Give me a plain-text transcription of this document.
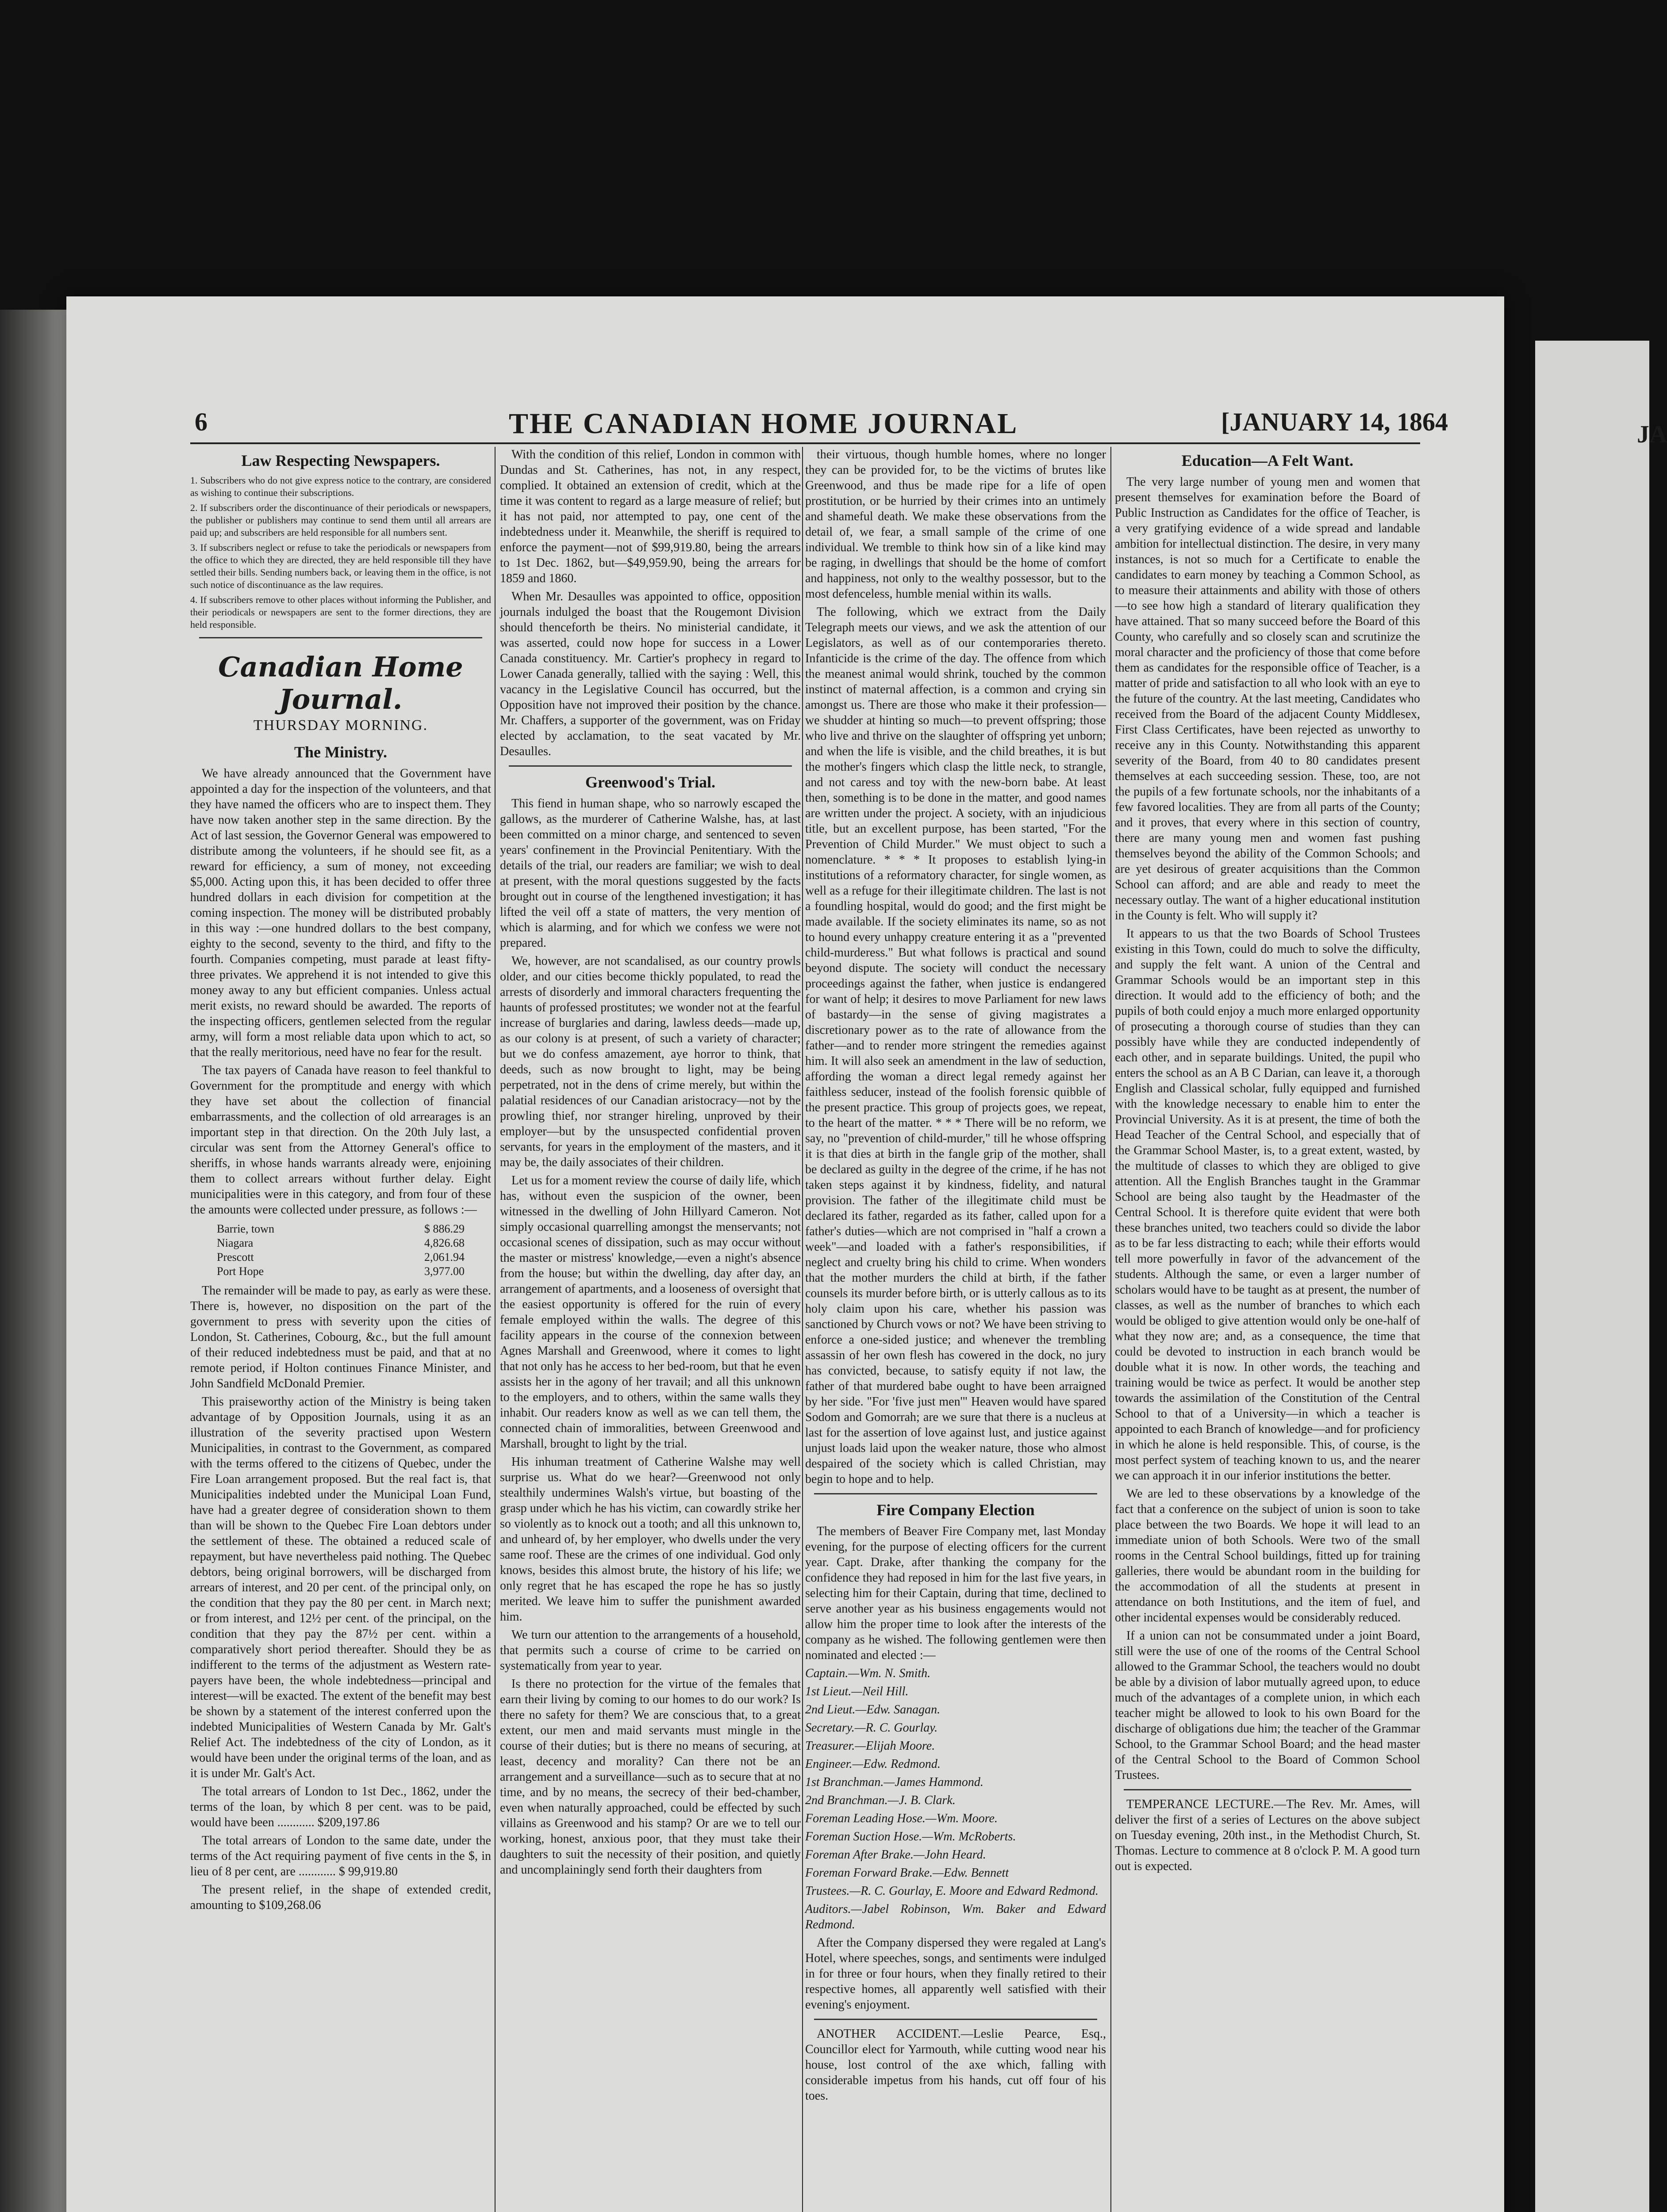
JA
6	THE CANADIAN HOME JOURNAL	[JANUARY 14, 1864
Law Respecting Newspapers.
1. Subscribers who do not give express notice to the contrary, are considered as wishing to continue their subscriptions.
2. If subscribers order the discontinuance of their periodicals or newspapers, the publisher or publishers may continue to send them until all arrears are paid up; and subscribers are held responsible for all numbers sent.
3. If subscribers neglect or refuse to take the periodicals or newspapers from the office to which they are directed, they are held responsible till they have settled their bills. Sending numbers back, or leaving them in the office, is not such notice of discontinuance as the law requires.
4. If subscribers remove to other places without informing the Publisher, and their periodicals or newspapers are sent to the former directions, they are held responsible.
Canadian Home Journal.
THURSDAY MORNING.
The Ministry.

We have already announced that the Government have appointed a day for the inspection of the volunteers, and that they have named the officers who are to inspect them. They have now taken another step in the same direction. By the Act of last session, the Governor General was empowered to distribute among the volunteers, if he should see fit, as a reward for efficiency, a sum of money, not exceeding $5,000. Acting upon this, it has been decided to offer three hundred dollars in each division for competition at the coming inspection. The money will be distributed probably in this way :—one hundred dollars to the best company, eighty to the second, seventy to the third, and fifty to the fourth. Companies competing, must parade at least fifty-three privates. We apprehend it is not intended to give this money away to any but efficient companies. Unless actual merit exists, no reward should be awarded. The reports of the inspecting officers, gentlemen selected from the regular army, will form a most reliable data upon which to act, so that the really meritorious, need have no fear for the result.

The tax payers of Canada have reason to feel thankful to Government for the promptitude and energy with which they have set about the collection of financial embarrassments, and the collection of old arrearages is an important step in that direction. On the 20th July last, a circular was sent from the Attorney General's office to sheriffs, in whose hands warrants already were, enjoining them to collect arrears without further delay. Eight municipalities were in this category, and from four of these the amounts were collected under pressure, as follows :—

Barrie, town	$ 886.29
Niagara	4,826.68
Prescott	2,061.94
Port Hope	3,977.00

The remainder will be made to pay, as early as were these. There is, however, no disposition on the part of the government to press with severity upon the cities of London, St. Catherines, Cobourg, &c., but the full amount of their reduced indebtedness must be paid, and that at no remote period, if Holton continues Finance Minister, and John Sandfield McDonald Premier.

This praiseworthy action of the Ministry is being taken advantage of by Opposition Journals, using it as an illustration of the severity practised upon Western Municipalities, in contrast to the Government, as compared with the terms offered to the citizens of Quebec, under the Fire Loan arrangement proposed. But the real fact is, that Municipalities indebted under the Municipal Loan Fund, have had a greater degree of consideration shown to them than will be shown to the Quebec Fire Loan debtors under the settlement of these. The obtained a reduced scale of repayment, but have nevertheless paid nothing. The Quebec debtors, being original borrowers, will be discharged from arrears of interest, and 20 per cent. of the principal only, on the condition that they pay the 80 per cent. in March next; or from interest, and 12½ per cent. of the principal, on the condition that they pay the 87½ per cent. within a comparatively short period thereafter. Should they be as indifferent to the terms of the adjustment as Western rate-payers have been, the whole indebtedness—principal and interest—will be exacted. The extent of the benefit may best be shown by a statement of the interest conferred upon the indebted Municipalities of Western Canada by Mr. Galt's Relief Act. The indebtedness of the city of London, as it would have been under the original terms of the loan, and as it is under Mr. Galt's Act.

The total arrears of London to 1st Dec., 1862, under the terms of the loan, by which 8 per cent. was to be paid, would have been ............ $209,197.86

The total arrears of London to the same date, under the terms of the Act requiring payment of five cents in the $, in lieu of 8 per cent, are ............ $ 99,919.80

The present relief, in the shape of extended credit, amounting to $109,268.06

With the condition of this relief, London in common with Dundas and St. Catherines, has not, in any respect, complied. It obtained an extension of credit, which at the time it was content to regard as a large measure of relief; but it has not paid, nor attempted to pay, one cent of the indebtedness under it. Meanwhile, the sheriff is required to enforce the payment—not of $99,919.80, being the arrears to 1st Dec. 1862, but—$49,959.90, being the arrears for 1859 and 1860.

When Mr. Desaulles was appointed to office, opposition journals indulged the boast that the Rougemont Division should thenceforth be theirs. No ministerial candidate, it was asserted, could now hope for success in a Lower Canada constituency. Mr. Cartier's prophecy in regard to Lower Canada generally, tallied with the saying : Well, this vacancy in the Legislative Council has occurred, but the Opposition have not improved their position by the chance. Mr. Chaffers, a supporter of the government, was on Friday elected by acclamation, to the seat vacated by Mr. Desaulles.

Greenwood's Trial.

This fiend in human shape, who so narrowly escaped the gallows, as the murderer of Catherine Walshe, has, at last been committed on a minor charge, and sentenced to seven years' confinement in the Provincial Penitentiary. With the details of the trial, our readers are familiar; we wish to deal at present, with the moral questions suggested by the facts brought out in course of the lengthened investigation; it has lifted the veil off a state of matters, the very mention of which is alarming, and for which we confess we were not prepared.

We, however, are not scandalised, as our country prowls older, and our cities become thickly populated, to read the arrests of disorderly and immoral characters frequenting the haunts of professed prostitutes; we wonder not at the fearful increase of burglaries and daring, lawless deeds—made up, as our colony is at present, of such a variety of character; but we do confess amazement, aye horror to think, that deeds, such as now brought to light, may be being perpetrated, not in the dens of crime merely, but within the palatial residences of our Canadian aristocracy—not by the prowling thief, nor stranger hireling, unproved by their employer—but by the unsuspected confidential proven servants, for years in the employment of the masters, and it may be, the daily associates of their children.

Let us for a moment review the course of daily life, which has, without even the suspicion of the owner, been witnessed in the dwelling of John Hillyard Cameron. Not simply occasional quarrelling amongst the menservants; not occasional scenes of dissipation, such as may occur without the master or mistress' knowledge,—even a night's absence from the house; but within the dwelling, day after day, an arrangement of apartments, and a looseness of oversight that the easiest opportunity is offered for the ruin of every female employed within the walls. The degree of this facility appears in the course of the connexion between Agnes Marshall and Greenwood, where it comes to light that not only has he access to her bed-room, but that he even assists her in the agony of her travail; and all this unknown to the employers, and to others, within the same walls they inhabit. Our readers know as well as we can tell them, the connected chain of immoralities, between Greenwood and Marshall, brought to light by the trial.

His inhuman treatment of Catherine Walshe may well surprise us. What do we hear?—Greenwood not only stealthily undermines Walsh's virtue, but boasting of the grasp under which he has his victim, can cowardly strike her so violently as to knock out a tooth; and all this unknown to, and unheard of, by her employer, who dwells under the very same roof. These are the crimes of one individual. God only knows, besides this almost brute, the history of his life; we only regret that he has escaped the rope he has so justly merited. We leave him to suffer the punishment awarded him.

We turn our attention to the arrangements of a household, that permits such a course of crime to be carried on systematically from year to year.

Is there no protection for the virtue of the females that earn their living by coming to our homes to do our work? Is there no safety for them? We are conscious that, to a great extent, our men and maid servants must mingle in the course of their duties; but is there no means of securing, at least, decency and morality? Can there not be an arrangement and a surveillance—such as to secure that at no time, and by no means, the secrecy of their bed-chamber, even when naturally approached, could be effected by such villains as Greenwood and his stamp? Or are we to tell our working, honest, anxious poor, that they must take their daughters to suit the necessity of their position, and quietly and uncomplainingly send forth their daughters from

their virtuous, though humble homes, where no longer they can be provided for, to be the victims of brutes like Greenwood, and thus be made ripe for a life of open prostitution, or be hurried by their crimes into an untimely and shameful death. We make these observations from the detail of, we fear, a small sample of the crime of one individual. We tremble to think how sin of a like kind may be raging, in dwellings that should be the home of comfort and happiness, not only to the wealthy possessor, but to the most defenceless, humble menial within its walls.

The following, which we extract from the Daily Telegraph meets our views, and we ask the attention of our Legislators, as well as of our contemporaries thereto. Infanticide is the crime of the day. The offence from which the meanest animal would shrink, touched by the common instinct of maternal affection, is a common and crying sin amongst us. There are those who make it their profession—we shudder at hinting so much—to prevent offspring; those who live and thrive on the slaughter of offspring yet unborn; and when the life is visible, and the child breathes, it is but the mother's fingers which clasp the little neck, to strangle, and not caress and toy with the new-born babe. At least then, something is to be done in the matter, and good names are written under the project. A society, with an injudicious title, but an excellent purpose, has been started, "For the Prevention of Child Murder." We must object to such a nomenclature. * * * It proposes to establish lying-in institutions of a reformatory character, for single women, as well as a refuge for their illegitimate children. The last is not a foundling hospital, would do good; and the first might be made available. If the society eliminates its name, so as not to hound every unhappy creature entering it as a "prevented child-murderess." But what follows is practical and sound beyond dispute. The society will conduct the necessary proceedings against the father, when justice is endangered for want of help; it desires to move Parliament for new laws of bastardy—in the sense of giving magistrates a discretionary power as to the rate of allowance from the father—and to render more stringent the remedies against him. It will also seek an amendment in the law of seduction, affording the woman a direct legal remedy against her faithless seducer, instead of the foolish forensic quibble of the present practice. This group of projects goes, we repeat, to the heart of the matter. * * * There will be no reform, we say, no "prevention of child-murder," till he whose offspring it is that dies at birth in the fangle grip of the mother, shall be declared as guilty in the degree of the crime, if he has not taken steps against it by kindness, fidelity, and natural provision. The father of the illegitimate child must be declared its father, regarded as its father, called upon for a father's duties—which are not comprised in "half a crown a week"—and loaded with a father's responsibilities, if neglect and cruelty bring his child to crime. When wonders that the mother murders the child at birth, if the father counsels its murder before birth, or is utterly callous as to its holy claim upon his care, whether his passion was sanctioned by Church vows or not? We have been striving to enforce a one-sided justice; and whenever the trembling assassin of her own flesh has cowered in the dock, no jury has convicted, because, to satisfy equity if not law, the father of that murdered babe ought to have been arraigned by her side. "For 'five just men'" Heaven would have spared Sodom and Gomorrah; are we sure that there is a nucleus at last for the assertion of love against lust, and justice against unjust loads laid upon the weaker nature, those who almost despaired of the society which is called Christian, may begin to hope and to help.

Fire Company Election

The members of Beaver Fire Company met, last Monday evening, for the purpose of electing officers for the current year. Capt. Drake, after thanking the company for the confidence they had reposed in him for the last five years, in selecting him for their Captain, during that time, declined to serve another year as his business engagements would not allow him the proper time to look after the interests of the company as he wished. The following gentlemen were then nominated and elected :—

Captain.—Wm. N. Smith.

1st Lieut.—Neil Hill.

2nd Lieut.—Edw. Sanagan.

Secretary.—R. C. Gourlay.

Treasurer.—Elijah Moore.

Engineer.—Edw. Redmond.

1st Branchman.—James Hammond.

2nd Branchman.—J. B. Clark.

Foreman Leading Hose.—Wm. Moore.

Foreman Suction Hose.—Wm. McRoberts.

Foreman After Brake.—John Heard.

Foreman Forward Brake.—Edw. Bennett

Trustees.—R. C. Gourlay, E. Moore and Edward Redmond.

Auditors.—Jabel Robinson, Wm. Baker and Edward Redmond.

After the Company dispersed they were regaled at Lang's Hotel, where speeches, songs, and sentiments were indulged in for three or four hours, when they finally retired to their respective homes, all apparently well satisfied with their evening's enjoyment.

ANOTHER ACCIDENT.—Leslie Pearce, Esq., Councillor elect for Yarmouth, while cutting wood near his house, lost control of the axe which, falling with considerable impetus from his hands, cut off four of his toes.

Education—A Felt Want.

The very large number of young men and women that present themselves for examination before the Board of Public Instruction as Candidates for the office of Teacher, is a very gratifying evidence of a wide spread and landable ambition for intellectual distinction. The desire, in very many instances, is not so much for a Certificate to enable the candidates to earn money by teaching a Common School, as to measure their attainments and ability with those of others—to see how high a standard of literary qualification they have attained. That so many succeed before the Board of this County, who carefully and so closely scan and scrutinize the moral character and the proficiency of those that come before them as candidates for the responsible office of Teacher, is a matter of pride and satisfaction to all who look with an eye to the future of the country. At the last meeting, Candidates who received from the Board of the adjacent County Middlesex, First Class Certificates, have been rejected as unworthy to receive any in this County. Notwithstanding this apparent severity of the Board, from 40 to 80 candidates present themselves at each succeeding session. These, too, are not the pupils of a few fortunate schools, nor the inhabitants of a few favored localities. They are from all parts of the County; and it proves, that every where in this section of country, there are many young men and women fast pushing themselves beyond the ability of the Common Schools; and are yet desirous of greater acquisitions than the Common School can afford; and are able and ready to meet the necessary outlay. The want of a higher educational institution in the County is felt. Who will supply it?

It appears to us that the two Boards of School Trustees existing in this Town, could do much to solve the difficulty, and supply the felt want. A union of the Central and Grammar Schools would be an important step in this direction. It would add to the efficiency of both; and the pupils of both could enjoy a much more enlarged opportunity of prosecuting a thorough course of studies than they can possibly have while they are conducted independently of each other, and in separate buildings. United, the pupil who enters the school as an A B C Darian, can leave it, a thorough English and Classical scholar, fully equipped and furnished with the knowledge necessary to enable him to enter the Provincial University. As it is at present, the time of both the Head Teacher of the Central School, and especially that of the Grammar School Master, is, to a great extent, wasted, by the multitude of classes to which they are obliged to give attention. All the English Branches taught in the Grammar School are being also taught by the Headmaster of the Central School. It is therefore quite evident that were both these branches united, two teachers could so divide the labor as to be far less distracting to each; while their efforts would tell more powerfully in favor of the advancement of the students. Although the same, or even a larger number of scholars would have to be taught as at present, the number of classes, as well as the number of branches to which each would be obliged to give attention would only be one-half of what they now are; and, as a consequence, the time that could be devoted to instruction in each branch would be double what it is now. In other words, the teaching and training would be twice as perfect. It would be another step towards the assimilation of the Constitution of the Central School to that of a University—in which a teacher is appointed to each Branch of knowledge—and for proficiency in which he alone is held responsible. This, of course, is the most perfect system of teaching known to us, and the nearer we can approach it in our inferior institutions the better.

We are led to these observations by a knowledge of the fact that a conference on the subject of union is soon to take place between the two Boards. We hope it will lead to an immediate union of both Schools. Were two of the small rooms in the Central School buildings, fitted up for training galleries, there would be abundant room in the building for the accommodation of all the students at present in attendance on both Institutions, and the item of fuel, and other incidental expenses would be considerably reduced.

If a union can not be consummated under a joint Board, still were the use of one of the rooms of the Central School allowed to the Grammar School, the teachers would no doubt be able by a division of labor mutually agreed upon, to educe much of the advantages of a complete union, in which each teacher might be allowed to look to his own Board for the discharge of obligations due him; the teacher of the Grammar School, to the Grammar School Board; and the head master of the Central School to the Board of Common School Trustees.

TEMPERANCE LECTURE.—The Rev. Mr. Ames, will deliver the first of a series of Lectures on the above subject on Tuesday evening, 20th inst., in the Methodist Church, St. Thomas. Lecture to commence at 8 o'clock P. M. A good turn out is expected.
